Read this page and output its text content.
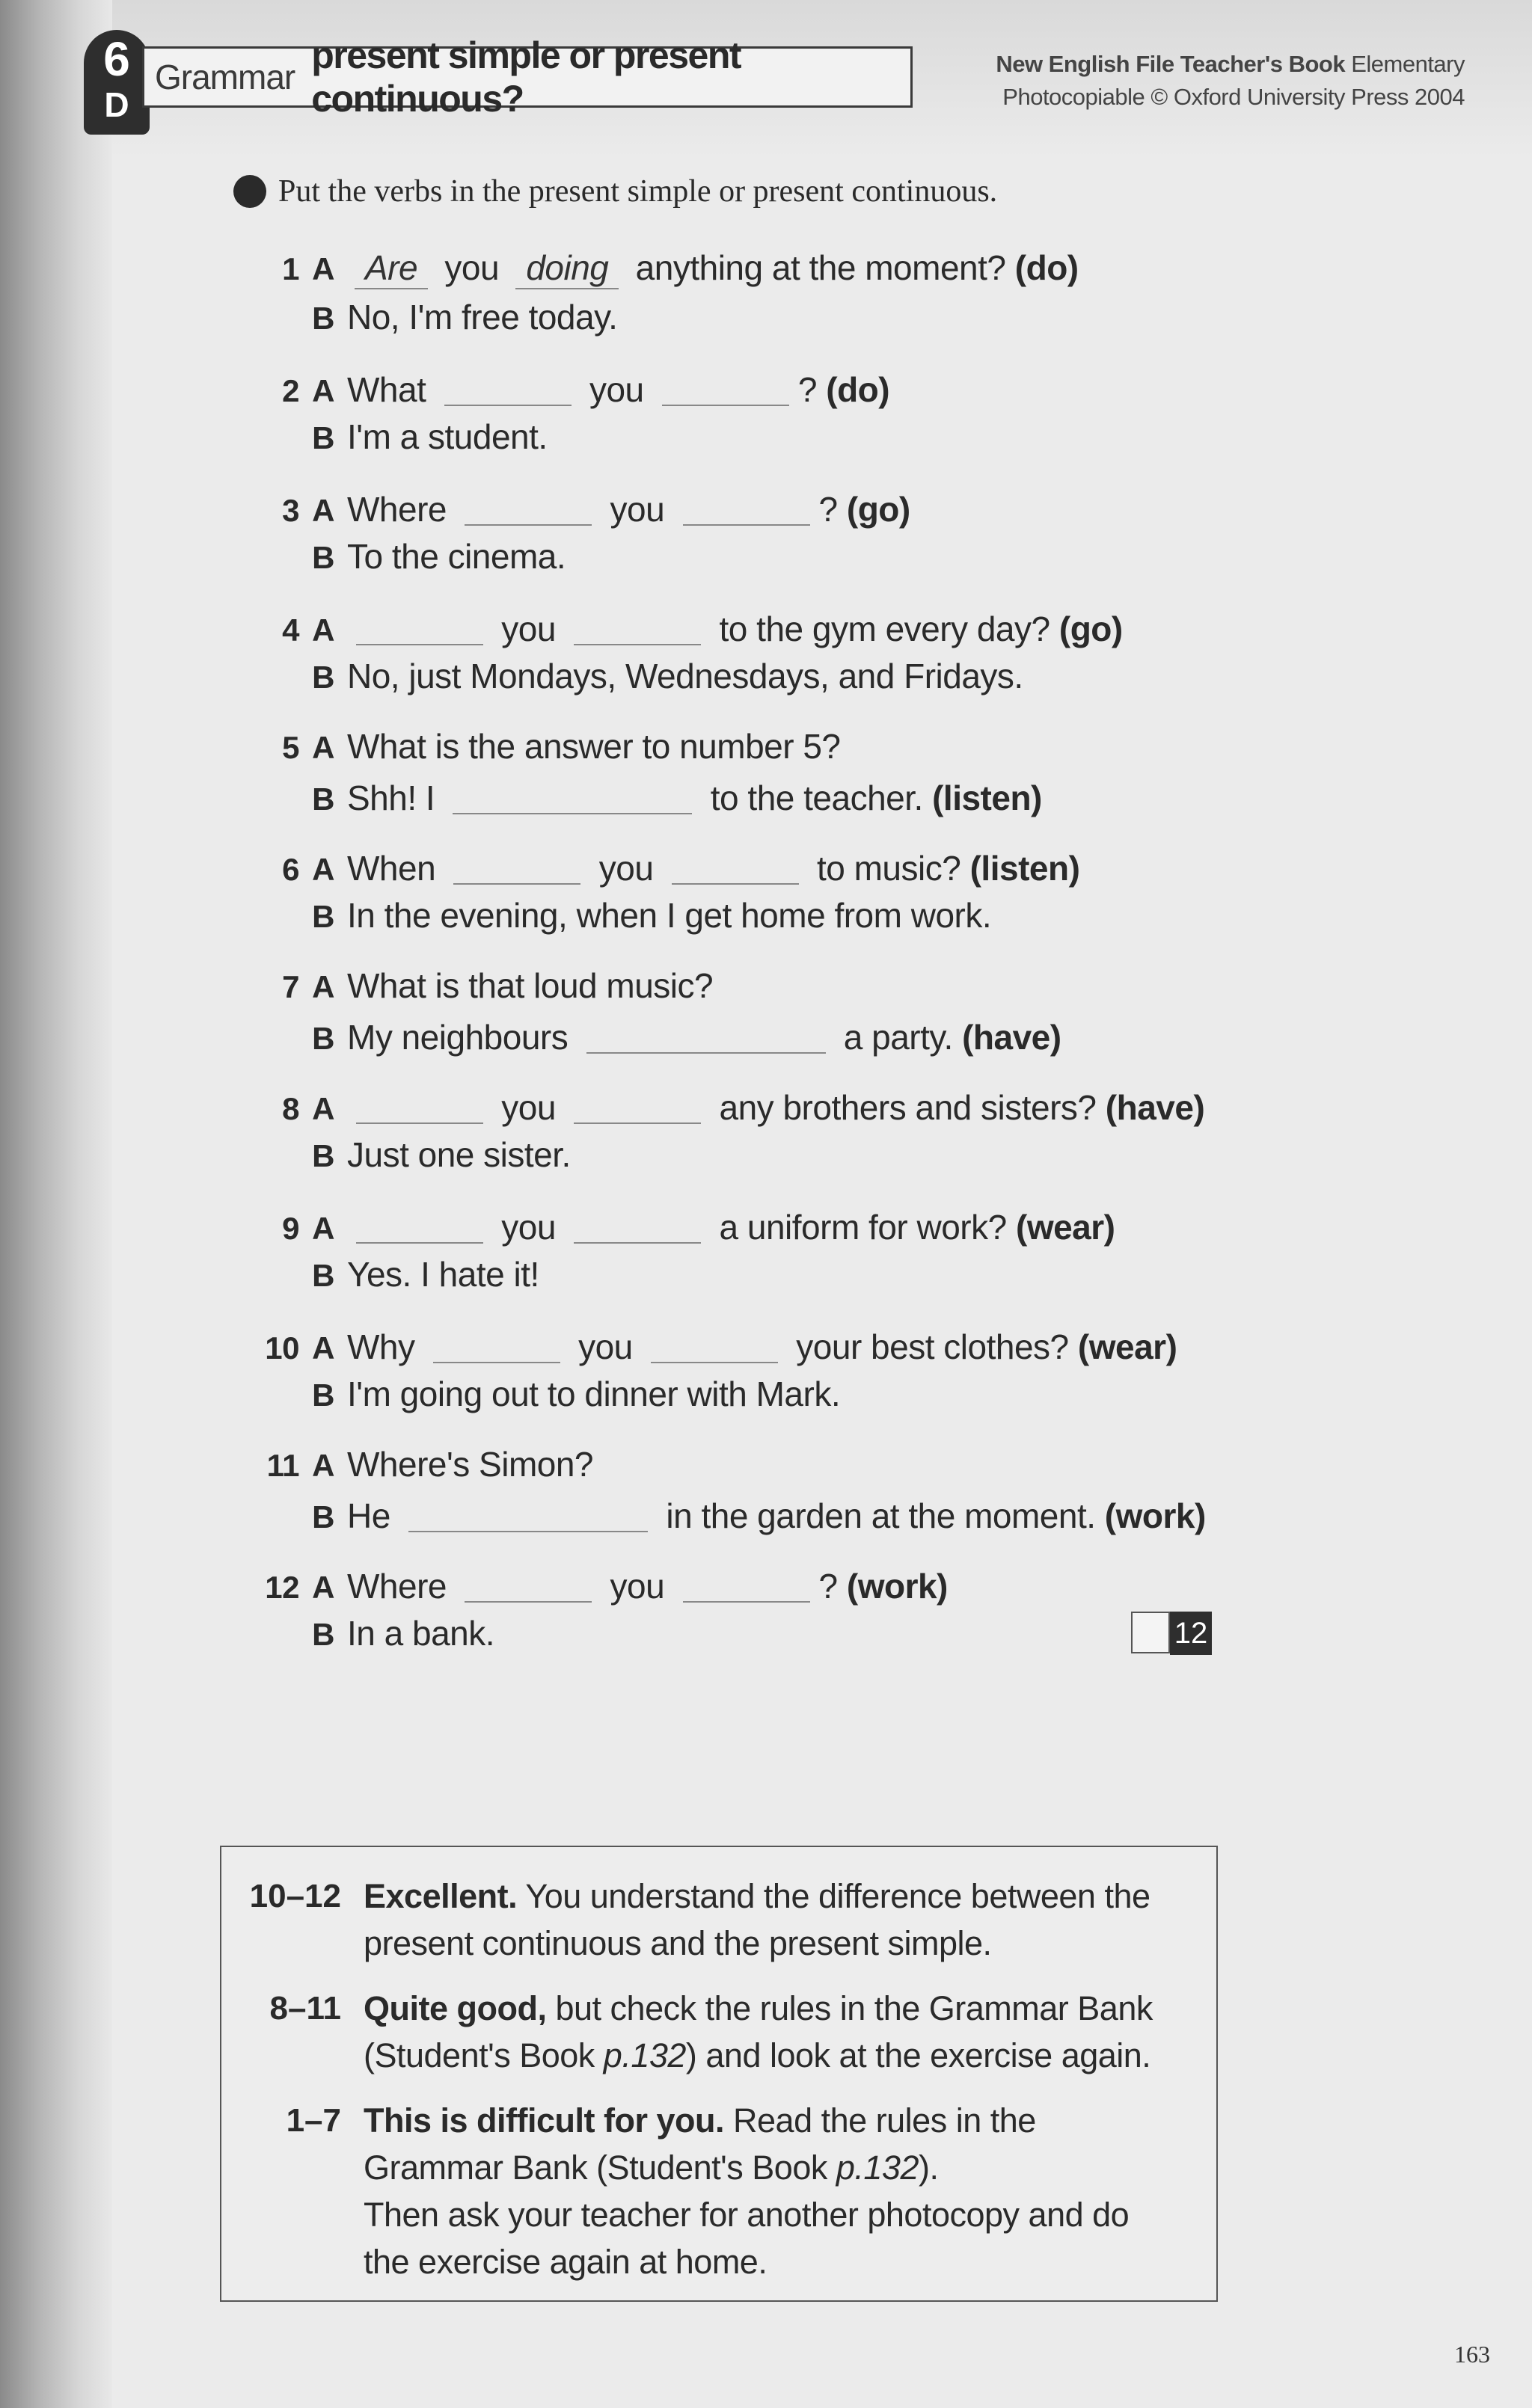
6
D
Grammar
present simple or present continuous?
New English File Teacher's Book Elementary
Photocopiable © Oxford University Press 2004
Put the verbs in the present simple or present continuous.
1 A Are you doing anything at the moment? (do)
B No, I'm free today.
2 A What	you	? (do)
B I'm a student.
3 A Where	you	? (go)
B To the cinema.
4 A	you	to the gym every day? (go)
B No, just Mondays, Wednesdays, and Fridays.
5 A What is the answer to number 5?
B Shh! I	to the teacher. (listen)
6 A When	you	to music? (listen)
B In the evening, when I get home from work.
7 A What is that loud music?
B My neighbours	a party. (have)
8 A	you	any brothers and sisters? (have)
B Just one sister.
9 A	you	a uniform for work? (wear)
B Yes. I hate it!
10 A Why	you	your best clothes? (wear)
B I'm going out to dinner with Mark.
11 A Where's Simon?
B He	in the garden at the moment. (work)
12 A Where	you	? (work)
B In a bank.	12
10–12 Excellent. You understand the difference between the present continuous and the present simple.
8–11 Quite good, but check the rules in the Grammar Bank (Student's Book p.132) and look at the exercise again.
1–7 This is difficult for you. Read the rules in the Grammar Bank (Student's Book p.132).
Then ask your teacher for another photocopy and do the exercise again at home.
163
